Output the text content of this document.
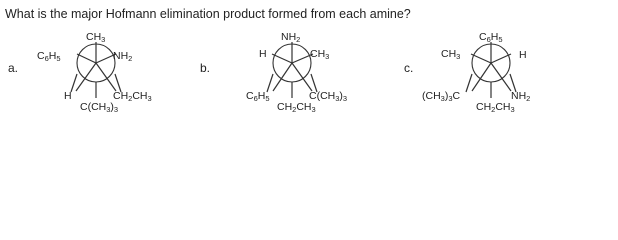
What is the major Hofmann elimination product formed from each amine?
a.	b.	c.
$CH_3$
$C_6H_5$	$NH_2$
H	$CH_2CH_3$
$C(CH_3)_3$
$NH_2$
H	$CH_3$
$C_6H_5$	$C(CH_3)_3$
$CH_2CH_3$
$C_6H_5$
$CH_3$	H
$(CH_3)_3C$	$NH_2$
$CH_2CH_3$
